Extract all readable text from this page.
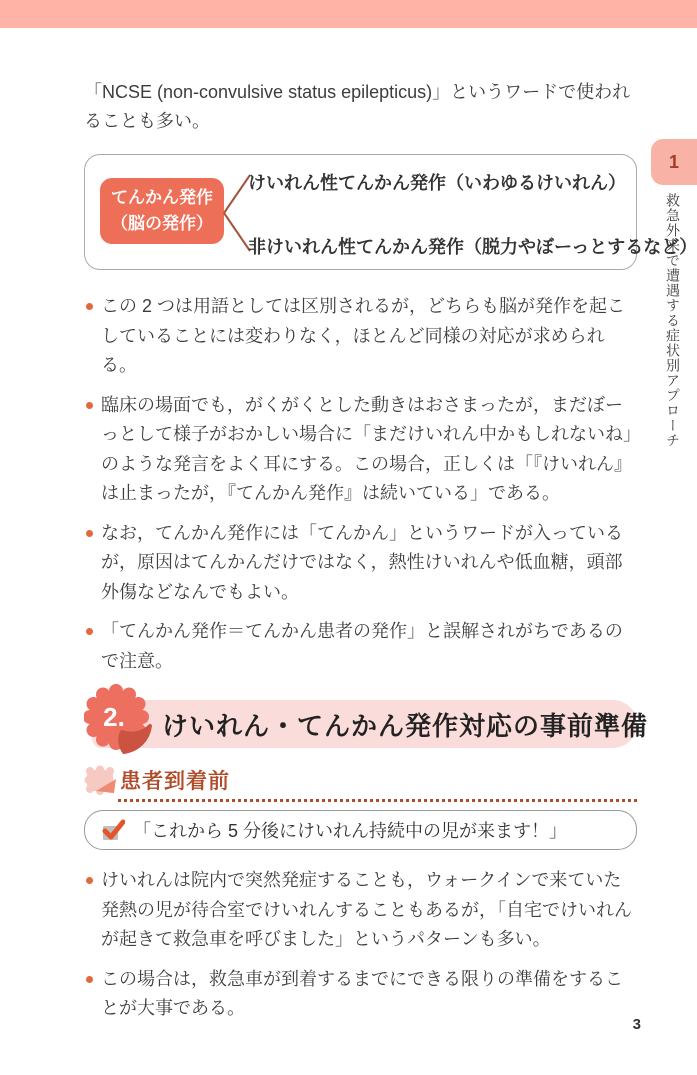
1
救急外来で遭遇する症状別アプローチ

「NCSE (non-convulsive status epilepticus)」というワードで使われることも多い。

てんかん発作
（脳の発作）
けいれん性てんかん発作（いわゆるけいれん）
非けいれん性てんかん発作（脱力やぼーっとするなど）
この 2 つは用語としては区別されるが，どちらも脳が発作を起こしていることには変わりなく，ほとんど同様の対応が求められる。
臨床の場面でも，がくがくとした動きはおさまったが，まだぼーっとして様子がおかしい場合に「まだけいれん中かもしれないね」のような発言をよく耳にする。この場合，正しくは「『けいれん』は止まったが，『てんかん発作』は続いている」である。
なお，てんかん発作には「てんかん」というワードが入っているが，原因はてんかんだけではなく，熱性けいれんや低血糖，頭部外傷などなんでもよい。
「てんかん発作＝てんかん患者の発作」と誤解されがちであるので注意。
けいれん・てんかん発作対応の事前準備
2.
患者到着前
「これから 5 分後にけいれん持続中の児が来ます！」
けいれんは院内で突然発症することも，ウォークインで来ていた発熱の児が待合室でけいれんすることもあるが，「自宅でけいれんが起きて救急車を呼びました」というパターンも多い。
この場合は，救急車が到着するまでにできる限りの準備をすることが大事である。
3
